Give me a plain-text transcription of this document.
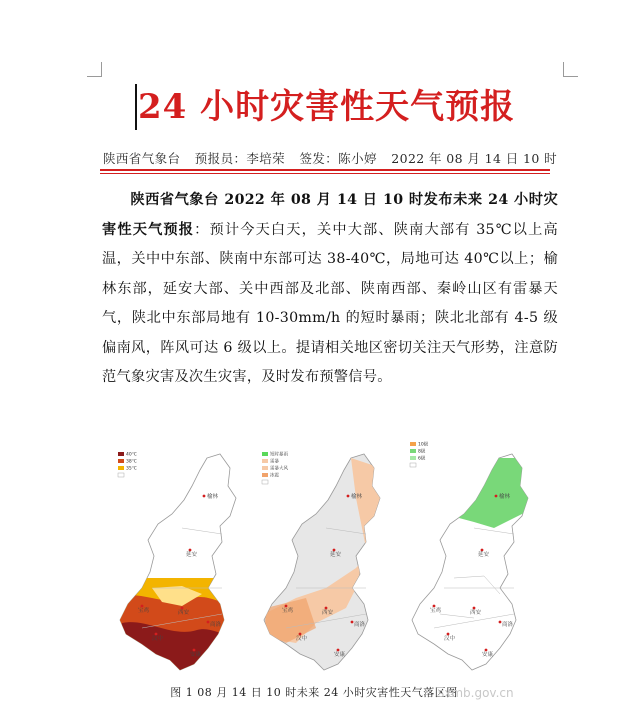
24 小时灾害性天气预报
陕西省气象台 预报员：李培荣 签发：陈小婷 2022 年 08 月 14 日 10 时
陕西省气象台 2022 年 08 月 14 日 10 时发布未来 24 小时灾害性天气预报：预计今天白天，关中大部、陕南大部有 35℃以上高温，关中中东部、陕南中东部可达 38-40℃，局地可达 40℃以上；榆林东部，延安大部、关中西部及北部、陕南西部、秦岭山区有雷暴天气，陕北中东部局地有 10-30mm/h 的短时暴雨；陕北北部有 4-5 级偏南风，阵风可达 6 级以上。提请相关地区密切关注天气形势，注意防范气象灾害及次生灾害，及时发布预警信号。
40℃
38℃
35℃
榆林
延安
宝鸡	西安
汉中
安康
商洛
短时暴雨
雷暴
雷暴大风
冰雹
榆林
延安
宝鸡	西安
汉中
安康
商洛
10级
8级
6级
榆林
延安
宝鸡	西安
汉中
安康
商洛
图 1 08 月 14 日 10 时未来 24 小时灾害性天气落区图
sxmb.gov.cn
